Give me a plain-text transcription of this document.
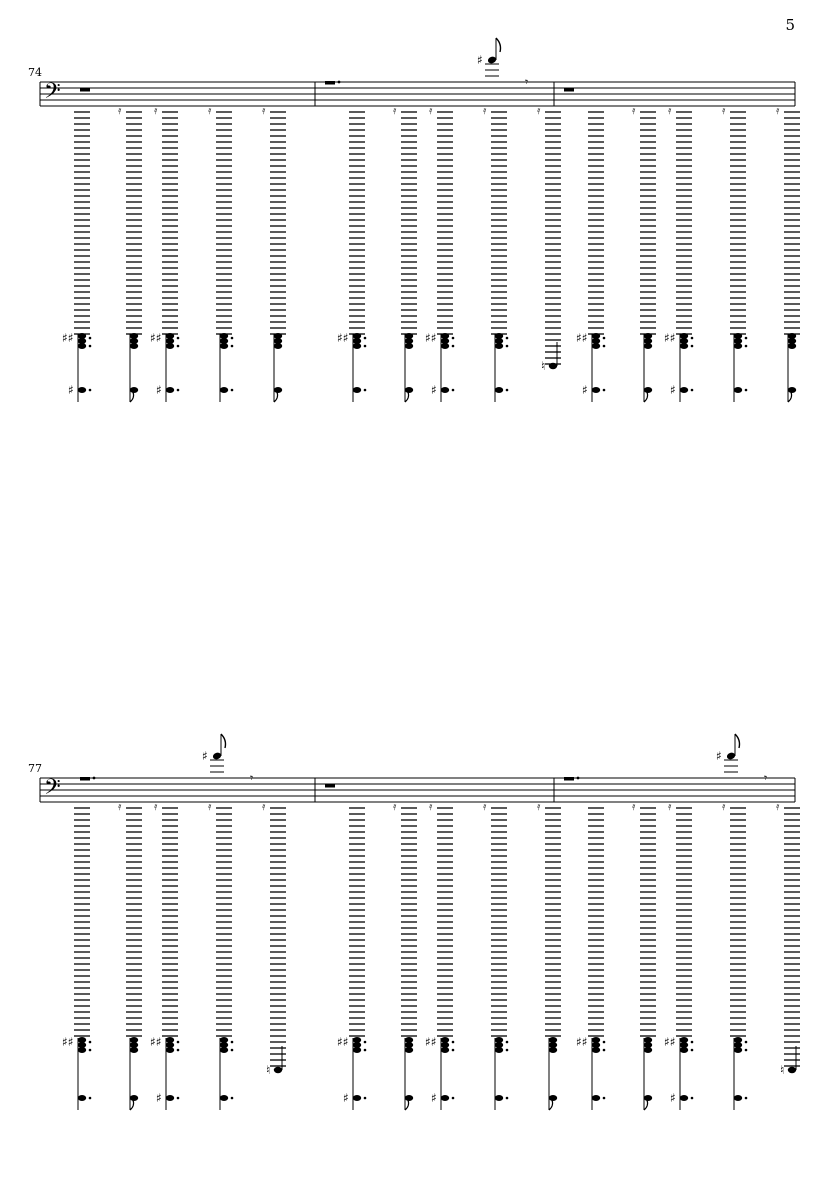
5
74
𝄢
♯♯
♯
𝄿	𝄿
♯♯
♯
𝄿	𝄿
♯
𝄾
♯♯
𝄿	𝄿
♯♯
♯
𝄿	𝄿
♮
♯♯
♯
𝄿	𝄿
♯♯
♯
𝄿	𝄿
77
𝄢
♯
𝄾
♯♯
𝄿	𝄿
♯♯
♯
𝄿	𝄿
♮
♯♯
♯
𝄿	𝄿
♯♯
♯
𝄿	𝄿
♯
𝄾
♯♯
𝄿	𝄿
♯♯
♯
𝄿	𝄿
♮
